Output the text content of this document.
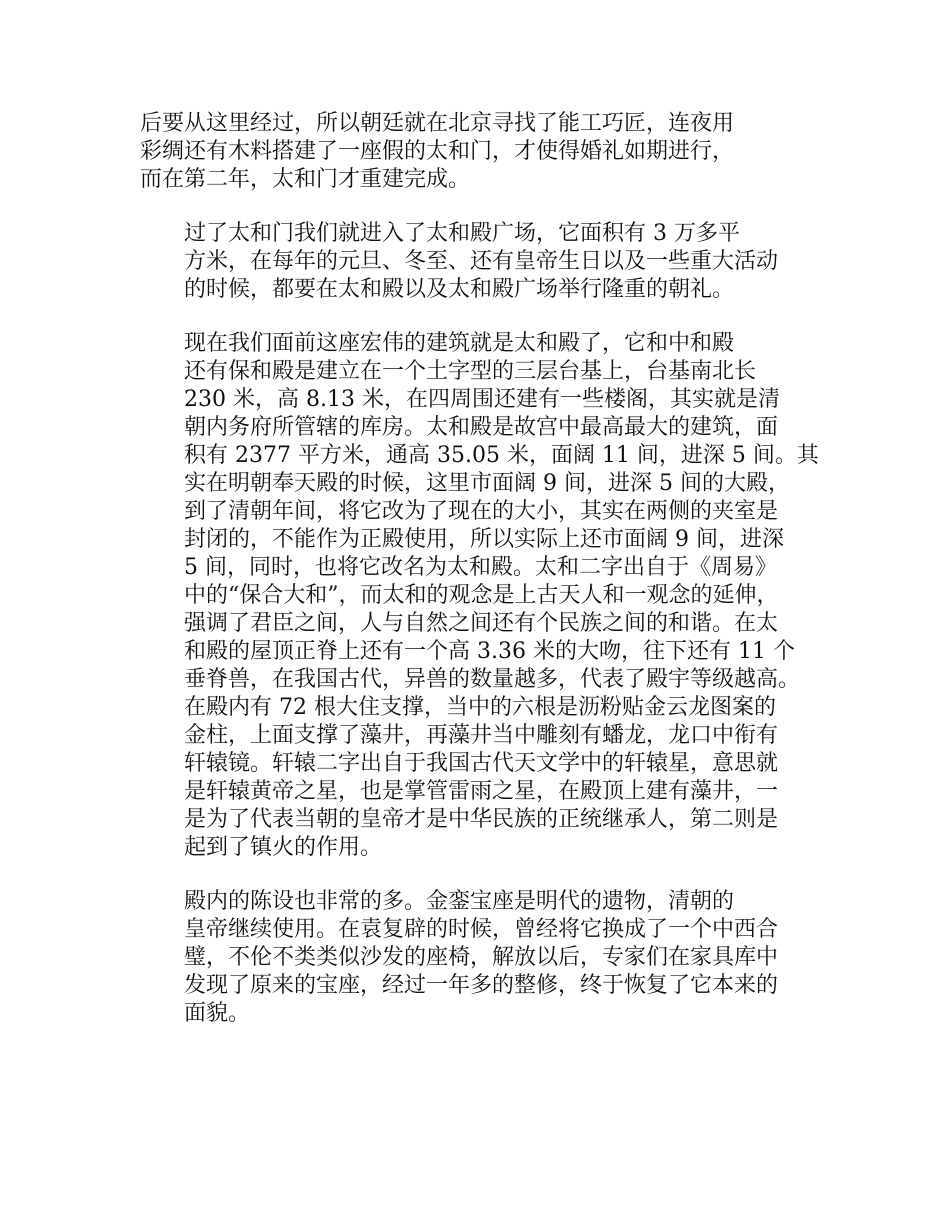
后要从这里经过，所以朝廷就在北京寻找了能工巧匠，连夜用
彩绸还有木料搭建了一座假的太和门，才使得婚礼如期进行，
而在第二年，太和门才重建完成。

过了太和门我们就进入了太和殿广场，它面积有 3 万多平
方米，在每年的元旦、冬至、还有皇帝生日以及一些重大活动
的时候，都要在太和殿以及太和殿广场举行隆重的朝礼。

现在我们面前这座宏伟的建筑就是太和殿了，它和中和殿
还有保和殿是建立在一个土字型的三层台基上，台基南北长
230 米，高 8.13 米，在四周围还建有一些楼阁，其实就是清
朝内务府所管辖的库房。太和殿是故宫中最高最大的建筑，面
积有 2377 平方米，通高 35.05 米，面阔 11 间，进深 5 间。其
实在明朝奉天殿的时候，这里市面阔 9 间，进深 5 间的大殿，
到了清朝年间，将它改为了现在的大小，其实在两侧的夹室是
封闭的，不能作为正殿使用，所以实际上还市面阔 9 间，进深
5 间，同时，也将它改名为太和殿。太和二字出自于《周易》
中的“保合大和”，而太和的观念是上古天人和一观念的延伸，
强调了君臣之间，人与自然之间还有个民族之间的和谐。在太
和殿的屋顶正脊上还有一个高 3.36 米的大吻，往下还有 11 个
垂脊兽，在我国古代，异兽的数量越多，代表了殿宇等级越高。
在殿内有 72 根大住支撑，当中的六根是沥粉贴金云龙图案的
金柱，上面支撑了藻井，再藻井当中雕刻有蟠龙，龙口中衔有
轩辕镜。轩辕二字出自于我国古代天文学中的轩辕星，意思就
是轩辕黄帝之星，也是掌管雷雨之星，在殿顶上建有藻井，一
是为了代表当朝的皇帝才是中华民族的正统继承人，第二则是
起到了镇火的作用。

殿内的陈设也非常的多。金銮宝座是明代的遗物，清朝的
皇帝继续使用。在袁复辟的时候，曾经将它换成了一个中西合
璧，不伦不类类似沙发的座椅，解放以后，专家们在家具库中
发现了原来的宝座，经过一年多的整修，终于恢复了它本来的
面貌。
